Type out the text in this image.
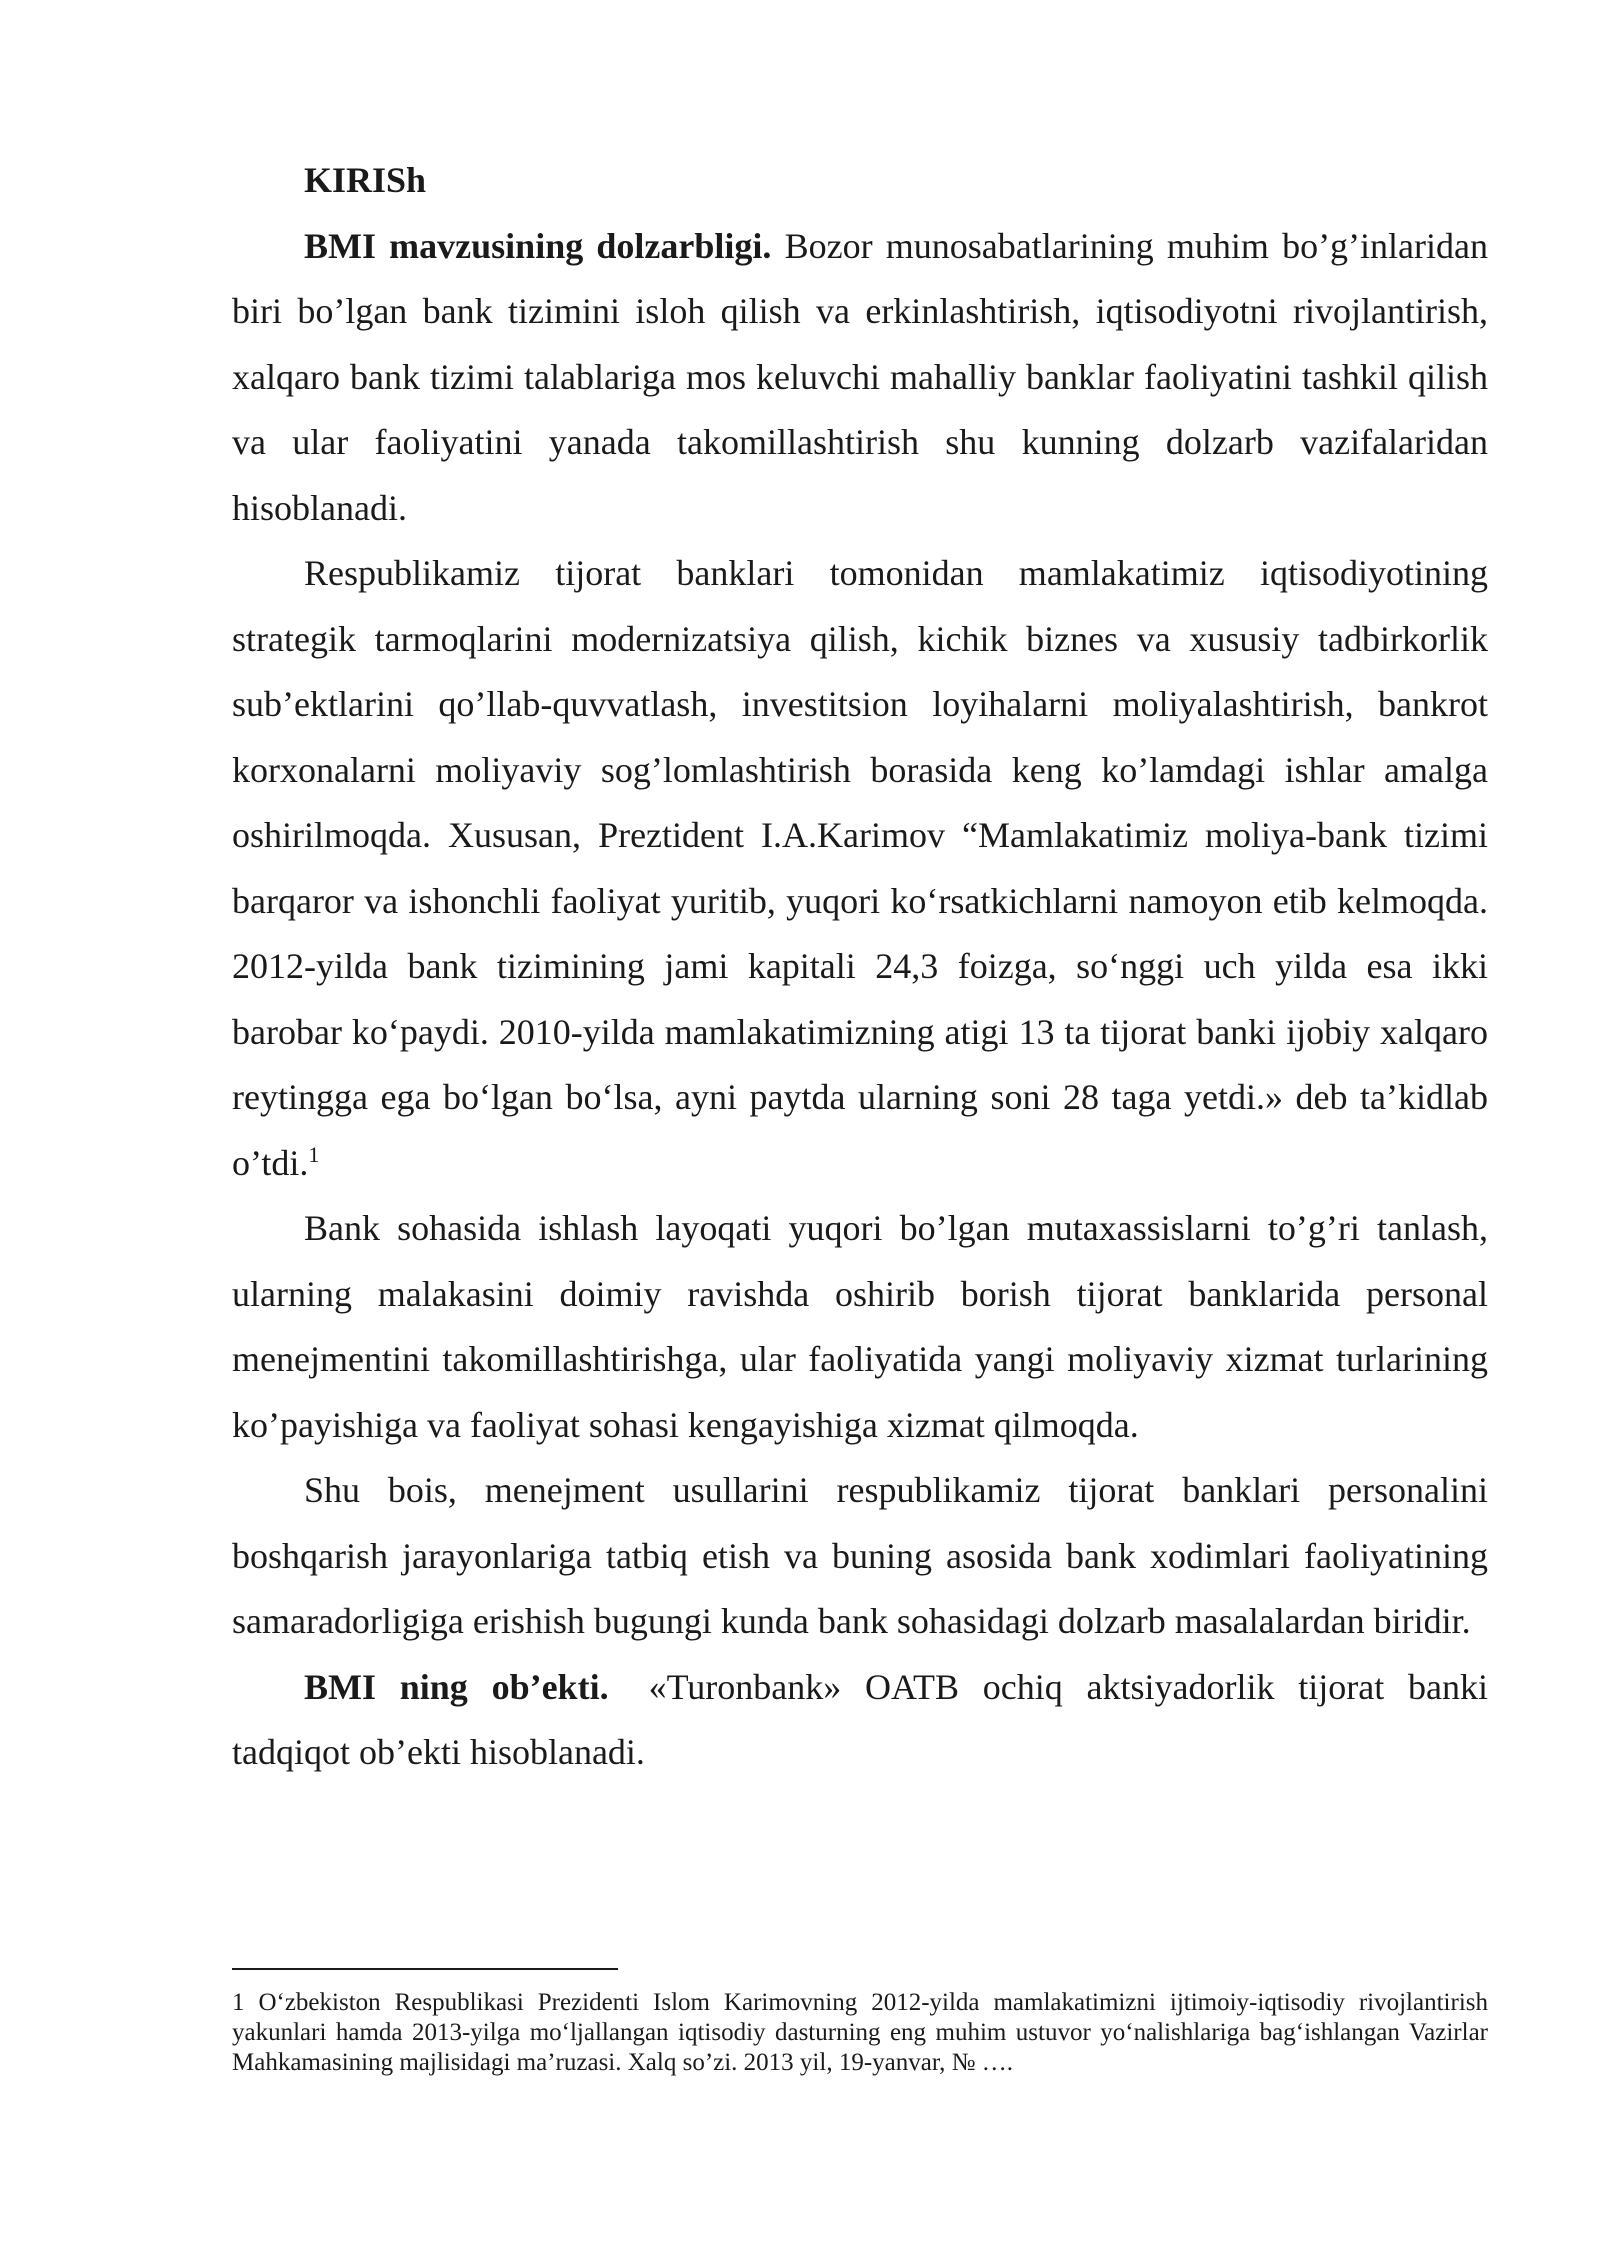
KIRISh

BMI mavzusining dolzarbligi. Bozor munosabatlarining muhim bo’g’inlaridan biri bo’lgan bank tizimini isloh qilish va erkinlashtirish, iqtisodiyotni rivojlantirish, xalqaro bank tizimi talablariga mos keluvchi mahalliy banklar faoliyatini tashkil qilish va ular faoliyatini yanada takomillashtirish shu kunning dolzarb vazifalaridan hisoblanadi.

Respublikamiz tijorat banklari tomonidan mamlakatimiz iqtisodiyotining strategik tarmoqlarini modernizatsiya qilish, kichik biznes va xususiy tadbirkorlik sub’ektlarini qo’llab-quvvatlash, investitsion loyihalarni moliyalashtirish, bankrot korxonalarni moliyaviy sog’lomlashtirish borasida keng ko’lamdagi ishlar amalga oshirilmoqda. Xususan, Preztident I.A.Karimov “Mamlakatimiz moliya-bank tizimi barqaror va ishonchli faoliyat yuritib, yuqori koʻrsatkichlarni namoyon etib kelmoqda. 2012-yilda bank tizimining jami kapitali 24,3 foizga, soʻnggi uch yilda esa ikki barobar koʻpaydi. 2010-yilda mamlakatimizning atigi 13 ta tijorat banki ijobiy xalqaro reytingga ega boʻlgan boʻlsa, ayni paytda ularning soni 28 taga yetdi.» deb ta’kidlab o’tdi.$^1$

Bank sohasida ishlash layoqati yuqori bo’lgan mutaxassislarni to’g’ri tanlash, ularning malakasini doimiy ravishda oshirib borish tijorat banklarida personal menejmentini takomillashtirishga, ular faoliyatida yangi moliyaviy xizmat turlarining ko’payishiga va faoliyat sohasi kengayishiga xizmat qilmoqda.

Shu bois, menejment usullarini respublikamiz tijorat banklari personalini boshqarish jarayonlariga tatbiq etish va buning asosida bank xodimlari faoliyatining samaradorligiga erishish bugungi kunda bank sohasidagi dolzarb masalalardan biridir.

BMI ning ob’ekti. «Turonbank» OATB ochiq aktsiyadorlik tijorat banki tadqiqot ob’ekti hisoblanadi.

1 Oʻzbekiston Respublikasi Prezidenti Islom Karimovning 2012-yilda mamlakatimizni ijtimoiy-iqtisodiy rivojlantirish yakunlari hamda 2013-yilga moʻljallangan iqtisodiy dasturning eng muhim ustuvor yoʻnalishlariga bagʻishlangan Vazirlar Mahkamasining majlisidagi ma’ruzasi. Xalq so’zi. 2013 yil, 19-yanvar, № ….
